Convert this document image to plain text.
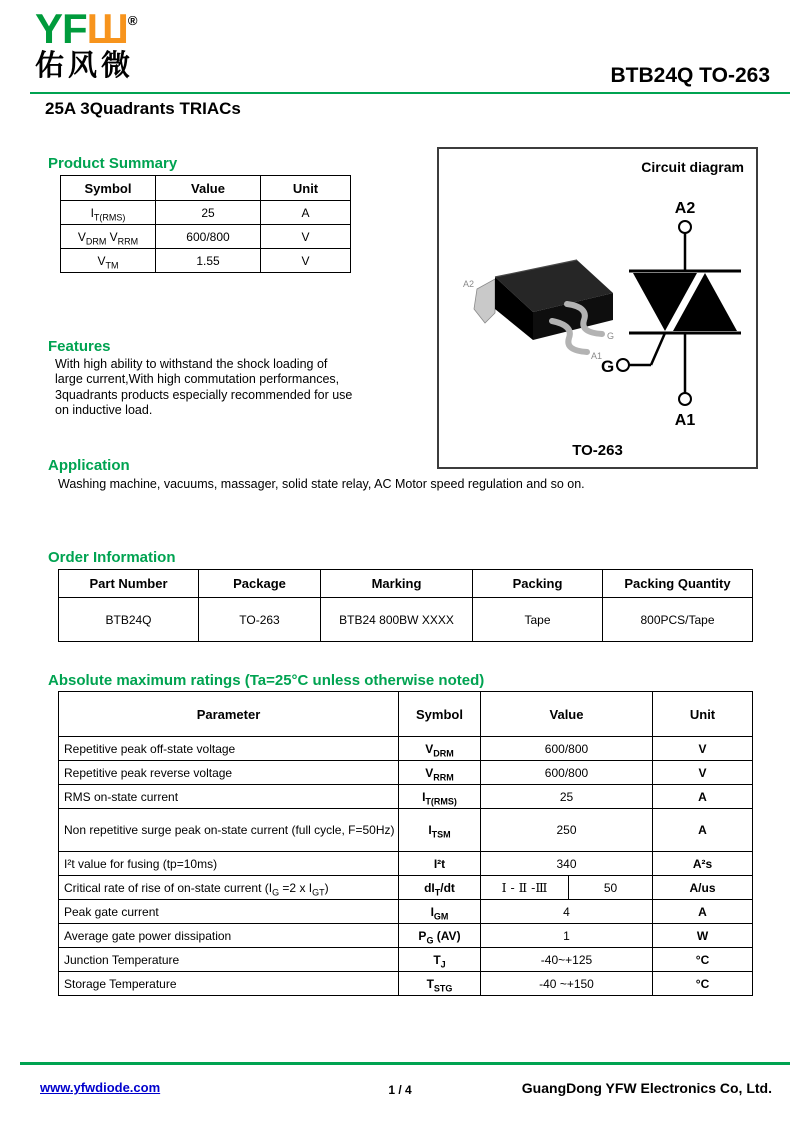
YFШ®
佑风微	BTB24Q TO-263
25A 3Quadrants TRIACs
Product Summary
Symbol	Value	Unit
$I_{T(RMS)}$	25	A
$V_{DRM}$ $V_{RRM}$	600/800	V
$V_{TM}$	1.55	V
Circuit diagram
A2
G
A1
A2
A1
G
TO-263
Features
With high ability to withstand the shock loading of large current,With high commutation performances, 3quadrants products especially recommended for use on inductive load.
Application
Washing machine, vacuums, massager, solid state relay, AC Motor speed regulation and so on.
Order Information
Part Number	Package	Marking	Packing	Packing Quantity
BTB24Q	TO-263	BTB24 800BW XXXX	Tape	800PCS/Tape
Absolute maximum ratings (Ta=25°C unless otherwise noted)
Parameter	Symbol	Value		Unit
Repetitive peak off-state voltage	$V_{DRM}$	600/800		V
Repetitive peak reverse voltage	$V_{RRM}$	600/800		V
RMS on-state current	$I_{T(RMS)}$	25		A
Non repetitive surge peak on-state current (full cycle, F=50Hz)	$I_{TSM}$	250		A
I²t value for fusing (tp=10ms)	I²t	340		A²s
Critical rate of rise of on-state current ($I_G =2$ x $I_{GT}$)	$dI_T/dt$	Ⅰ - Ⅱ -Ⅲ	50	A/us
Peak gate current	$I_{GM}$	4		A
Average gate power dissipation	$P_G$ (AV)	1		W
Junction Temperature	$T_J$	-40~+125		°C
Storage Temperature	$T_{STG}$	-40 ~+150		°C
www.yfwdiode.com	1 / 4	GuangDong YFW Electronics Co, Ltd.
